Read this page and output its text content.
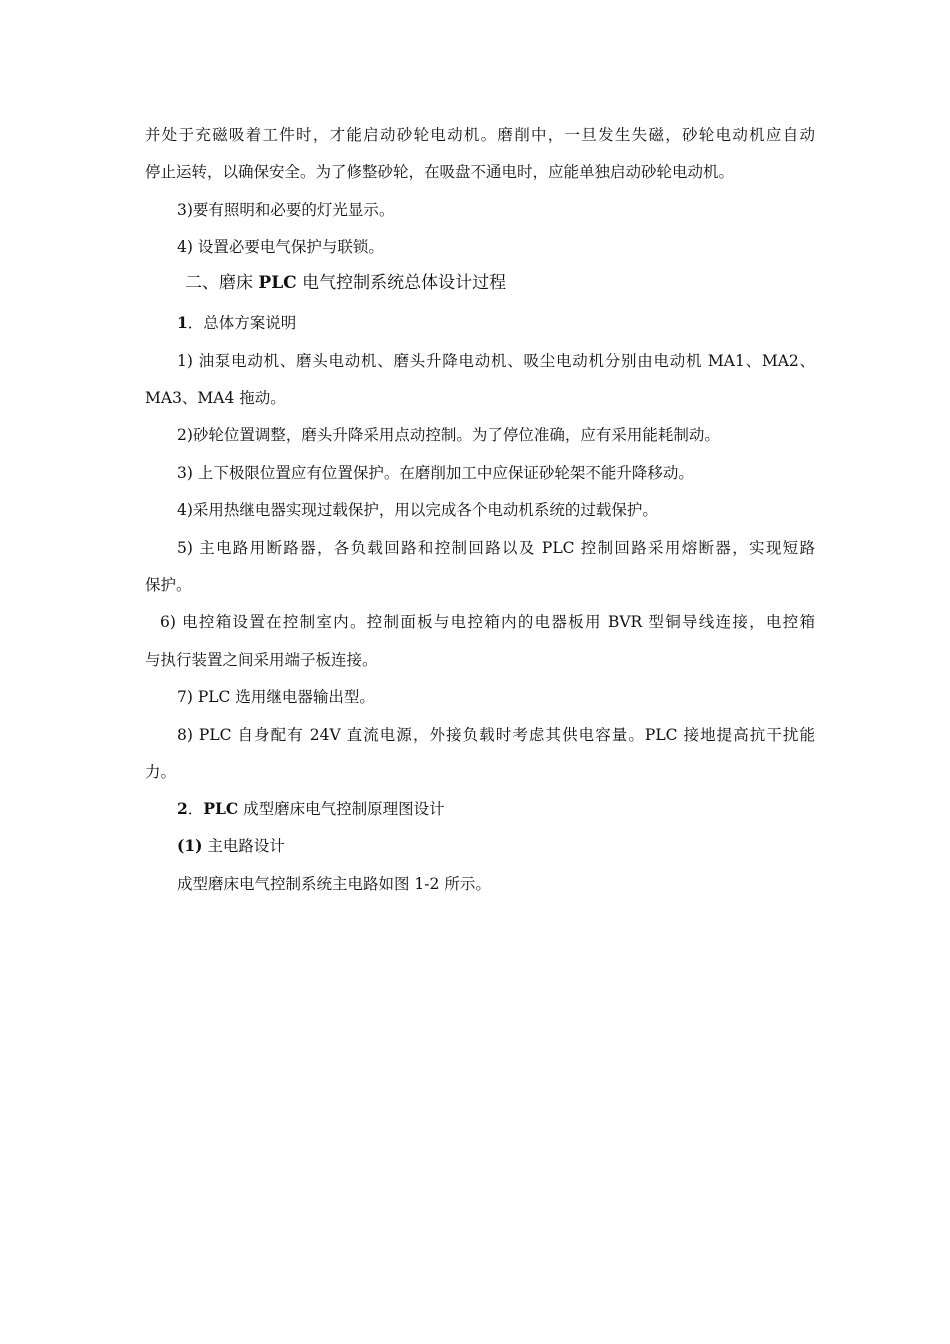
并处于充磁吸着工件时，才能启动砂轮电动机。磨削中，一旦发生失磁，砂轮电动机应自动
停止运转，以确保安全。为了修整砂轮，在吸盘不通电时，应能单独启动砂轮电动机。
3)要有照明和必要的灯光显示。
4) 设置必要电气保护与联锁。
二、磨床 PLC 电气控制系统总体设计过程
1．总体方案说明
1) 油泵电动机、磨头电动机、磨头升降电动机、吸尘电动机分别由电动机 MA1、MA2、
MA3、MA4 拖动。
2)砂轮位置调整，磨头升降采用点动控制。为了停位准确，应有采用能耗制动。
3) 上下极限位置应有位置保护。在磨削加工中应保证砂轮架不能升降移动。
4)采用热继电器实现过载保护，用以完成各个电动机系统的过载保护。
5) 主电路用断路器，各负载回路和控制回路以及 PLC 控制回路采用熔断器，实现短路
保护。
6) 电控箱设置在控制室内。控制面板与电控箱内的电器板用 BVR 型铜导线连接，电控箱
与执行装置之间采用端子板连接。
7) PLC 选用继电器输出型。
8) PLC 自身配有 24V 直流电源，外接负载时考虑其供电容量。PLC 接地提高抗干扰能
力。
2．PLC 成型磨床电气控制原理图设计
(1) 主电路设计
成型磨床电气控制系统主电路如图 1-2 所示。
